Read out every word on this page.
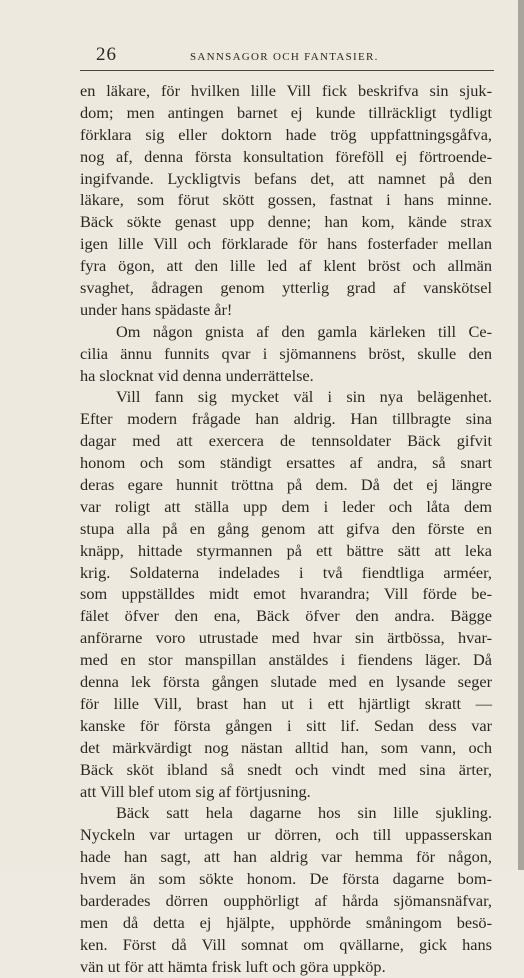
26	SANNSAGOR OCH FANTASIER.
en läkare, för hvilken lille Vill fick beskrifva sin sjuk-
dom; men antingen barnet ej kunde tillräckligt tydligt
förklara sig eller doktorn hade trög uppfattningsgåfva,
nog af, denna första konsultation föreföll ej förtroende-
ingifvande. Lyckligtvis befans det, att namnet på den
läkare, som förut skött gossen, fastnat i hans minne.
Bäck sökte genast upp denne; han kom, kände strax
igen lille Vill och förklarade för hans fosterfader mellan
fyra ögon, att den lille led af klent bröst och allmän
svaghet, ådragen genom ytterlig grad af vanskötsel
under hans spädaste år!
Om någon gnista af den gamla kärleken till Ce-
cilia ännu funnits qvar i sjömannens bröst, skulle den
ha slocknat vid denna underrättelse.
Vill fann sig mycket väl i sin nya belägenhet.
Efter modern frågade han aldrig. Han tillbragte sina
dagar med att exercera de tennsoldater Bäck gifvit
honom och som ständigt ersattes af andra, så snart
deras egare hunnit tröttna på dem. Då det ej längre
var roligt att ställa upp dem i leder och låta dem
stupa alla på en gång genom att gifva den förste en
knäpp, hittade styrmannen på ett bättre sätt att leka
krig. Soldaterna indelades i två fiendtliga arméer,
som uppställdes midt emot hvarandra; Vill förde be-
fälet öfver den ena, Bäck öfver den andra. Bägge
anförarne voro utrustade med hvar sin ärtbössa, hvar-
med en stor manspillan anstäldes i fiendens läger. Då
denna lek första gången slutade med en lysande seger
för lille Vill, brast han ut i ett hjärtligt skratt —
kanske för första gången i sitt lif. Sedan dess var
det märkvärdigt nog nästan alltid han, som vann, och
Bäck sköt ibland så snedt och vindt med sina ärter,
att Vill blef utom sig af förtjusning.
Bäck satt hela dagarne hos sin lille sjukling.
Nyckeln var urtagen ur dörren, och till uppasserskan
hade han sagt, att han aldrig var hemma för någon,
hvem än som sökte honom. De första dagarne bom-
barderades dörren oupphörligt af hårda sjömansnäfvar,
men då detta ej hjälpte, upphörde småningom besö-
ken. Först då Vill somnat om qvällarne, gick hans
vän ut för att hämta frisk luft och göra uppköp.
